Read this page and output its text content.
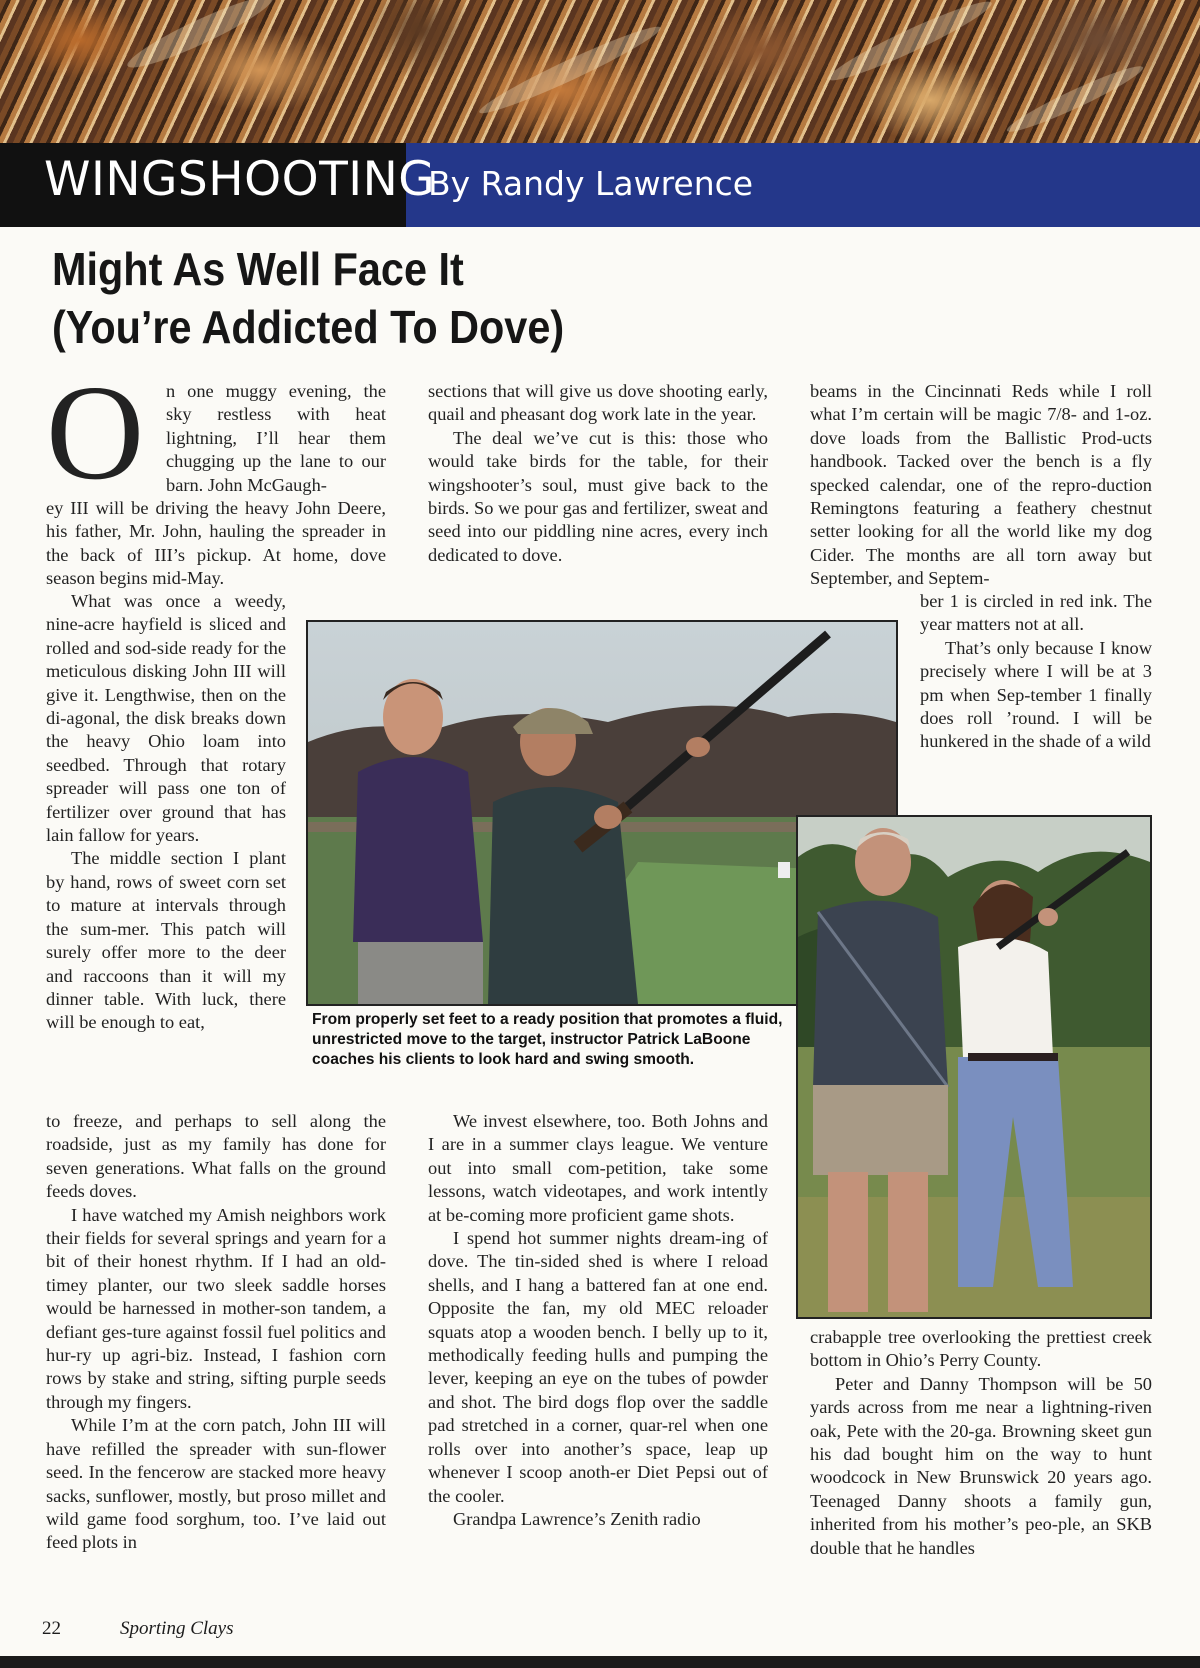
WINGSHOOTING
By Randy Lawrence
Might As Well Face It
(You’re Addicted To Dove)
O n one muggy evening, the sky restless with heat lightning, I’ll hear them chugging up the lane to our barn. John McGaugh-

ey III will be driving the heavy John Deere, his father, Mr. John, hauling the spreader in the back of III’s pickup. At home, dove season begins mid-May.

What was once a weedy, nine-acre hayfield is sliced and rolled and sod-side ready for the meticulous disking John III will give it. Lengthwise, then on the di-agonal, the disk breaks down the heavy Ohio loam into seedbed. Through that rotary spreader will pass one ton of fertilizer over ground that has lain fallow for years.

The middle section I plant by hand, rows of sweet corn set to mature at intervals through the sum-mer. This patch will surely offer more to the deer and raccoons than it will my dinner table. With luck, there will be enough to eat,

to freeze, and perhaps to sell along the roadside, just as my family has done for seven generations. What falls on the ground feeds doves.

I have watched my Amish neighbors work their fields for several springs and yearn for a bit of their honest rhythm. If I had an old-timey planter, our two sleek saddle horses would be harnessed in mother-son tandem, a defiant ges-ture against fossil fuel politics and hur-ry up agri-biz. Instead, I fashion corn rows by stake and string, sifting purple seeds through my fingers.

While I’m at the corn patch, John III will have refilled the spreader with sun-flower seed. In the fencerow are stacked more heavy sacks, sunflower, mostly, but proso millet and wild game food sorghum, too. I’ve laid out feed plots in

sections that will give us dove shooting early, quail and pheasant dog work late in the year.

The deal we’ve cut is this: those who would take birds for the table, for their wingshooter’s soul, must give back to the birds. So we pour gas and fertilizer, sweat and seed into our piddling nine acres, every inch dedicated to dove.

We invest elsewhere, too. Both Johns and I are in a summer clays league. We venture out into small com-petition, take some lessons, watch videotapes, and work intently at be-coming more proficient game shots.

I spend hot summer nights dream-ing of dove. The tin-sided shed is where I reload shells, and I hang a battered fan at one end. Opposite the fan, my old MEC reloader squats atop a wooden bench. I belly up to it, methodically feeding hulls and pumping the lever, keeping an eye on the tubes of powder and shot. The bird dogs flop over the saddle pad stretched in a corner, quar-rel when one rolls over into another’s space, leap up whenever I scoop anoth-er Diet Pepsi out of the cooler.

Grandpa Lawrence’s Zenith radio

beams in the Cincinnati Reds while I roll what I’m certain will be magic 7/8- and 1-oz. dove loads from the Ballistic Prod-ucts handbook. Tacked over the bench is a fly specked calendar, one of the repro-duction Remingtons featuring a feathery chestnut setter looking for all the world like my dog Cider. The months are all torn away but September, and Septem-

ber 1 is circled in red ink. The year matters not at all.

That’s only because I know precisely where I will be at 3 pm when Sep-tember 1 finally does roll ’round. I will be hunkered in the shade of a wild

crabapple tree overlooking the prettiest creek bottom in Ohio’s Perry County.

Peter and Danny Thompson will be 50 yards across from me near a lightning-riven oak, Pete with the 20-ga. Browning skeet gun his dad bought him on the way to hunt woodcock in New Brunswick 20 years ago. Teenaged Danny shoots a family gun, inherited from his mother’s peo-ple, an SKB double that he handles

From properly set feet to a ready position that promotes a fluid, unrestricted move to the target, instructor Patrick LaBoone coaches his clients to look hard and swing smooth.

22	Sporting Clays
